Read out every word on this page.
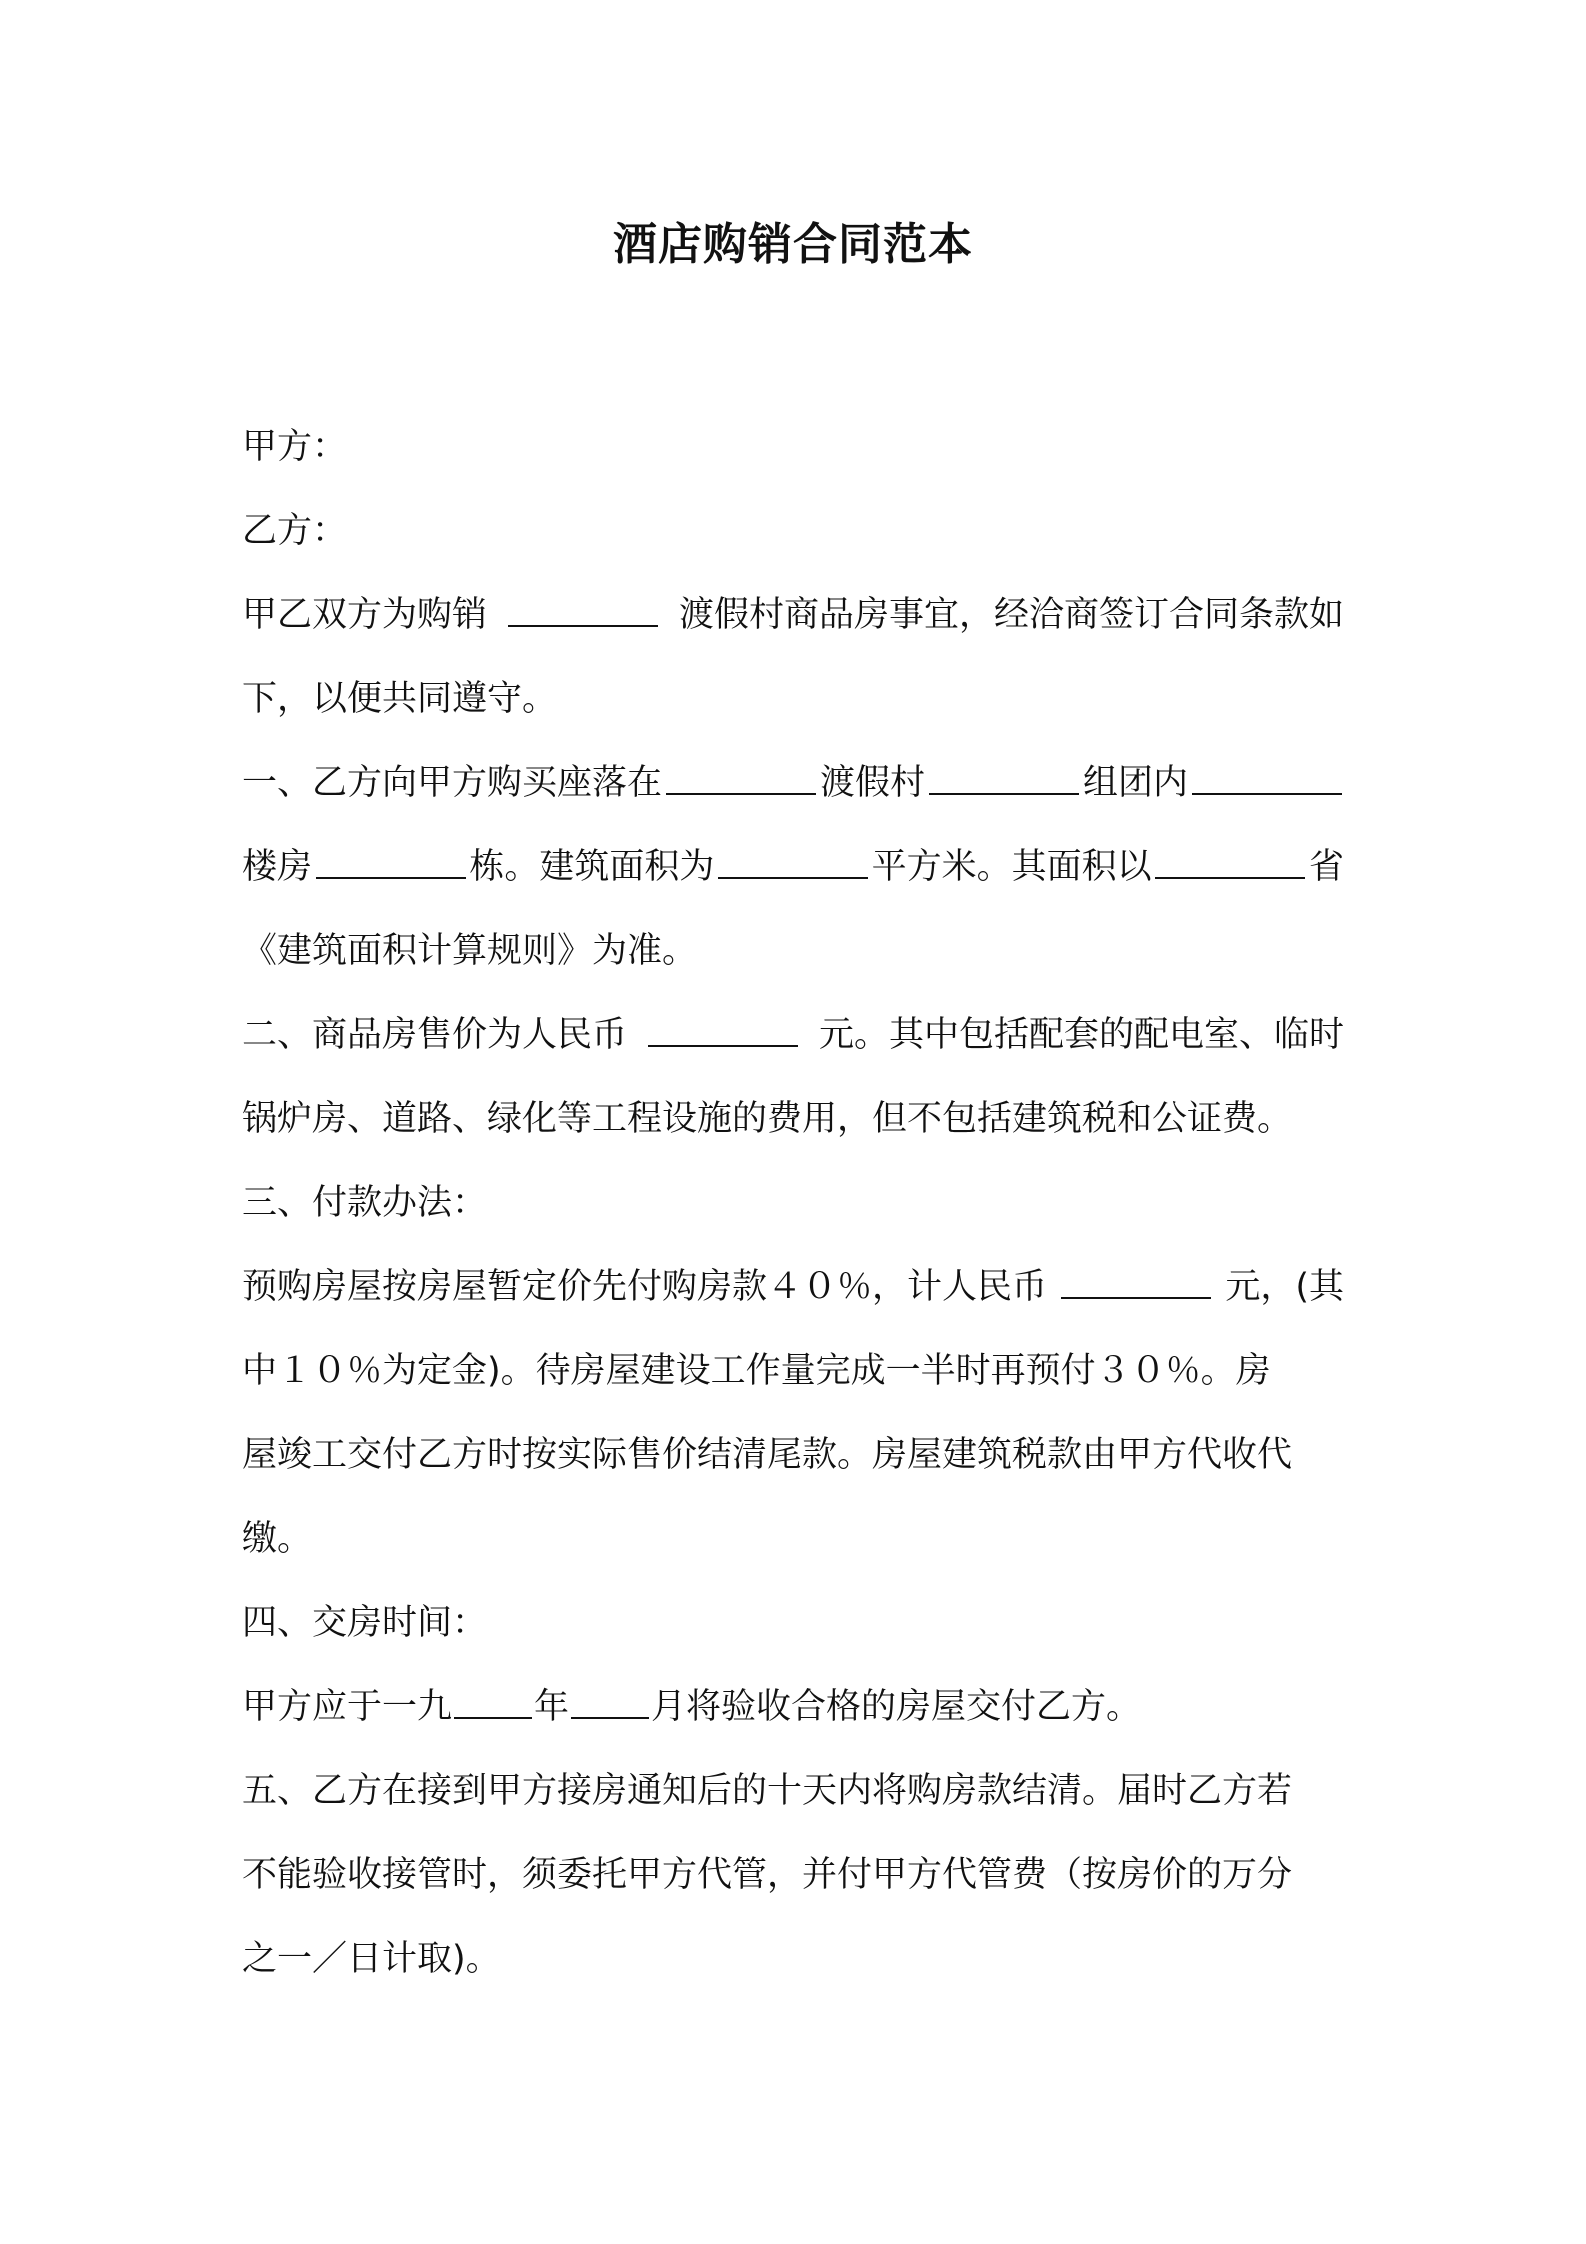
酒店购销合同范本
甲方：
乙方：
甲乙双方为购销	渡假村商品房事宜，经洽商签订合同条款如
下，以便共同遵守。
一、乙方向甲方购买座落在	渡假村	组团内
楼房	栋。建筑面积为	平方米。其面积以	省
《建筑面积计算规则》为准。
二、商品房售价为人民币	元。其中包括配套的配电室、临时
锅炉房、道路、绿化等工程设施的费用，但不包括建筑税和公证费。
三、付款办法：
预购房屋按房屋暂定价先付购房款４０％，计人民币	元，(其
中１０％为定金)。待房屋建设工作量完成一半时再预付３０％。房
屋竣工交付乙方时按实际售价结清尾款。房屋建筑税款由甲方代收代
缴。
四、交房时间：
甲方应于一九 年 月将验收合格的房屋交付乙方。
五、乙方在接到甲方接房通知后的十天内将购房款结清。届时乙方若
不能验收接管时，须委托甲方代管，并付甲方代管费（按房价的万分
之一／日计取)。
